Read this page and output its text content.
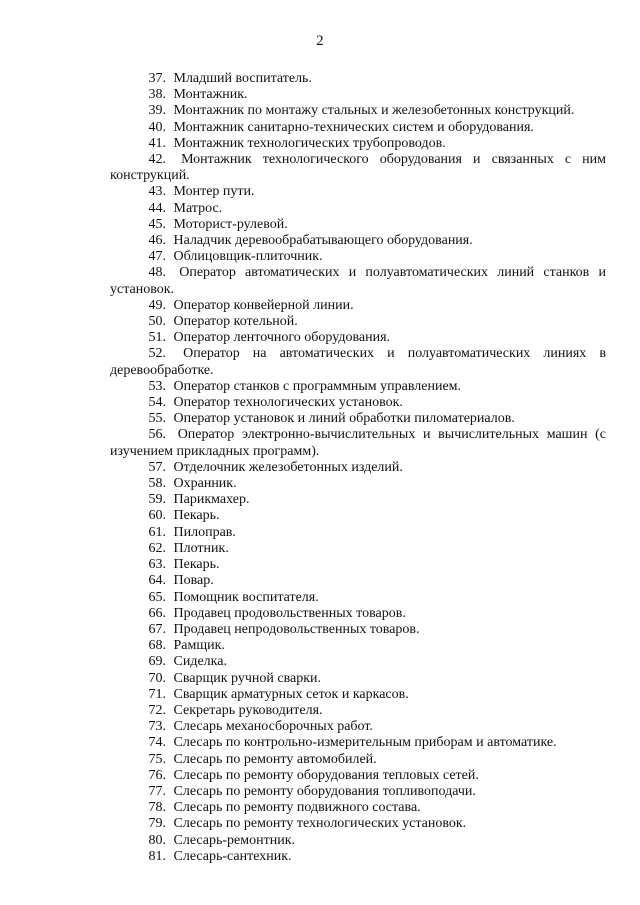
2
37. Младший воспитатель.
38. Монтажник.
39. Монтажник по монтажу стальных и железобетонных конструкций.
40. Монтажник санитарно-технических систем и оборудования.
41. Монтажник технологических трубопроводов.
42. Монтажник технологического оборудования и связанных с ним конструкций.
43. Монтер пути.
44. Матрос.
45. Моторист-рулевой.
46. Наладчик деревообрабатывающего оборудования.
47. Облицовщик-плиточник.
48. Оператор автоматических и полуавтоматических линий станков и установок.
49. Оператор конвейерной линии.
50. Оператор котельной.
51. Оператор ленточного оборудования.
52. Оператор на автоматических и полуавтоматических линиях в деревообработке.
53. Оператор станков с программным управлением.
54. Оператор технологических установок.
55. Оператор установок и линий обработки пиломатериалов.
56. Оператор электронно-вычислительных и вычислительных машин (с изучением прикладных программ).
57. Отделочник железобетонных изделий.
58. Охранник.
59. Парикмахер.
60. Пекарь.
61. Пилоправ.
62. Плотник.
63. Пекарь.
64. Повар.
65. Помощник воспитателя.
66. Продавец продовольственных товаров.
67. Продавец непродовольственных товаров.
68. Рамщик.
69. Сиделка.
70. Сварщик ручной сварки.
71. Сварщик арматурных сеток и каркасов.
72. Секретарь руководителя.
73. Слесарь механосборочных работ.
74. Слесарь по контрольно-измерительным приборам и автоматике.
75. Слесарь по ремонту автомобилей.
76. Слесарь по ремонту оборудования тепловых сетей.
77. Слесарь по ремонту оборудования топливоподачи.
78. Слесарь по ремонту подвижного состава.
79. Слесарь по ремонту технологических установок.
80. Слесарь-ремонтник.
81. Слесарь-сантехник.
